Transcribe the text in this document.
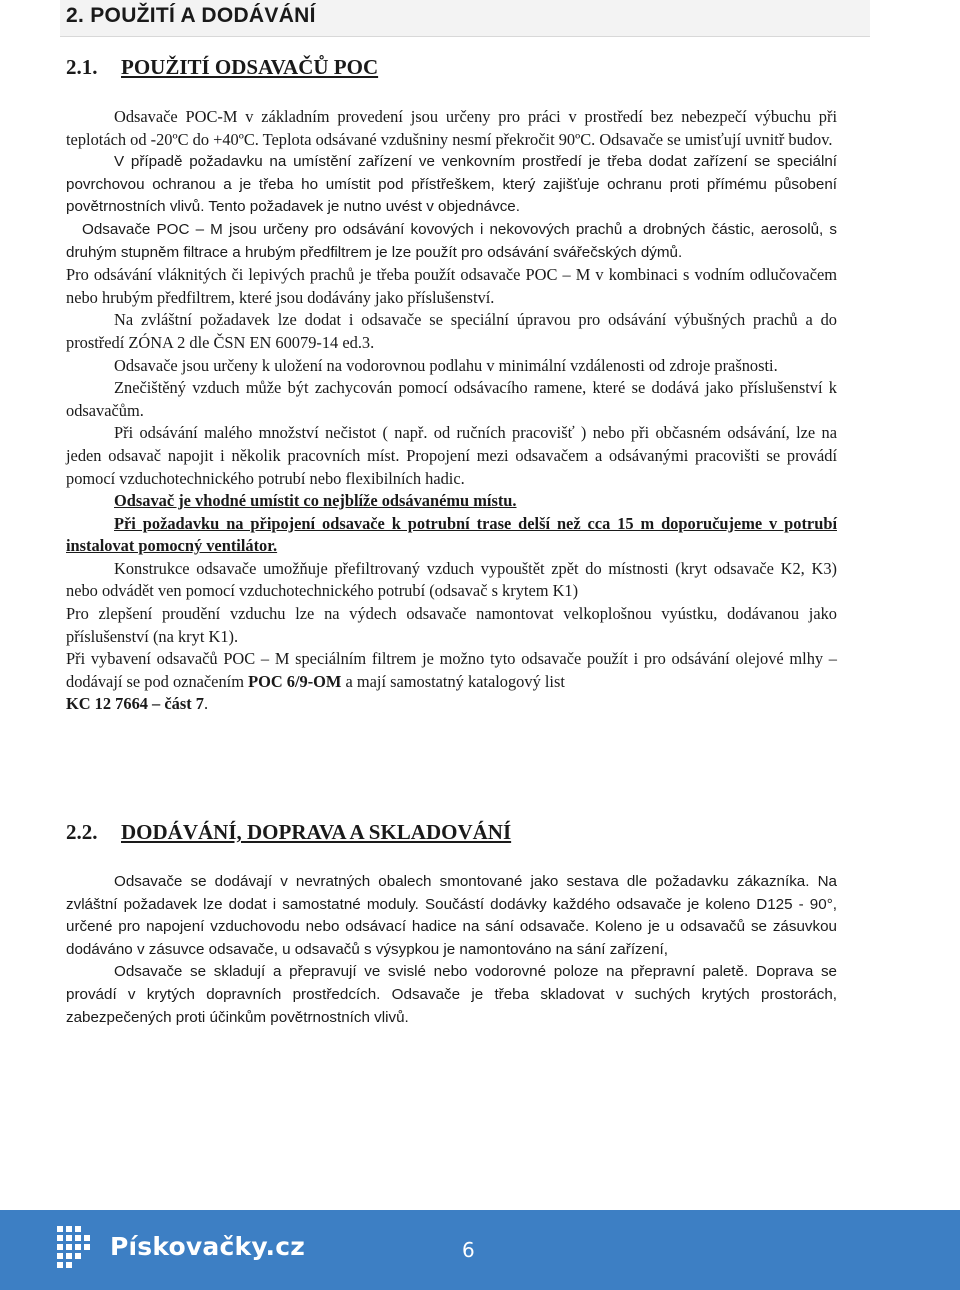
2. POUŽITÍ A DODÁVÁNÍ
2.1. POUŽITÍ ODSAVAČŮ POC

Odsavače POC-M v základním provedení jsou určeny pro práci v prostředí bez nebezpečí výbuchu při teplotách od -20ºC do +40ºC. Teplota odsávané vzdušniny nesmí překročit 90ºC. Odsavače se umisťují uvnitř budov.

V případě požadavku na umístění zařízení ve venkovním prostředí je třeba dodat zařízení se speciální povrchovou ochranou a je třeba ho umístit pod přístřeškem, který zajišťuje ochranu proti přímému působení povětrnostních vlivů. Tento požadavek je nutno uvést v objednávce.

Odsavače POC – M jsou určeny pro odsávání kovových i nekovových prachů a drobných částic, aerosolů, s druhým stupněm filtrace a hrubým předfiltrem je lze použít pro odsávání svářečských dýmů.

Pro odsávání vláknitých či lepivých prachů je třeba použít odsavače POC – M v kombinaci s vodním odlučovačem nebo hrubým předfiltrem, které jsou dodávány jako příslušenství.

Na zvláštní požadavek lze dodat i odsavače se speciální úpravou pro odsávání výbušných prachů a do prostředí ZÓNA 2 dle ČSN EN 60079-14 ed.3.

Odsavače jsou určeny k uložení na vodorovnou podlahu v minimální vzdálenosti od zdroje prašnosti.

Znečištěný vzduch může být zachycován pomocí odsávacího ramene, které se dodává jako příslušenství k odsavačům.

Při odsávání malého množství nečistot ( např. od ručních pracovišť ) nebo při občasném odsávání, lze na jeden odsavač napojit i několik pracovních míst. Propojení mezi odsavačem a odsávanými pracovišti se provádí pomocí vzduchotechnického potrubí nebo flexibilních hadic.

Odsavač je vhodné umístit co nejblíže odsávanému místu.

Při požadavku na připojení odsavače k potrubní trase delší než cca 15 m doporučujeme v potrubí instalovat pomocný ventilátor.

Konstrukce odsavače umožňuje přefiltrovaný vzduch vypouštět zpět do místnosti (kryt odsavače K2, K3) nebo odvádět ven pomocí vzduchotechnického potrubí (odsavač s krytem K1)

Pro zlepšení proudění vzduchu lze na výdech odsavače namontovat velkoplošnou vyústku, dodávanou jako příslušenství (na kryt K1).

Při vybavení odsavačů POC – M speciálním filtrem je možno tyto odsavače použít i pro odsávání olejové mlhy – dodávají se pod označením POC 6/9-OM a mají samostatný katalogový list
KC 12 7664 – část 7.

2.2. DODÁVÁNÍ, DOPRAVA A SKLADOVÁNÍ

Odsavače se dodávají v nevratných obalech smontované jako sestava dle požadavku zákazníka. Na zvláštní požadavek lze dodat i samostatné moduly. Součástí dodávky každého odsavače je koleno D125 - 90°, určené pro napojení vzduchovodu nebo odsávací hadice na sání odsavače. Koleno je u odsavačů se zásuvkou dodáváno v zásuvce odsavače, u odsavačů s výsypkou je namontováno na sání zařízení,

Odsavače se skladují a přepravují ve svislé nebo vodorovné poloze na přepravní paletě. Doprava se provádí v krytých dopravních prostředcích. Odsavače je třeba skladovat v suchých krytých prostorách, zabezpečených proti účinkům povětrnostních vlivů.

Pískovačky.cz	6
